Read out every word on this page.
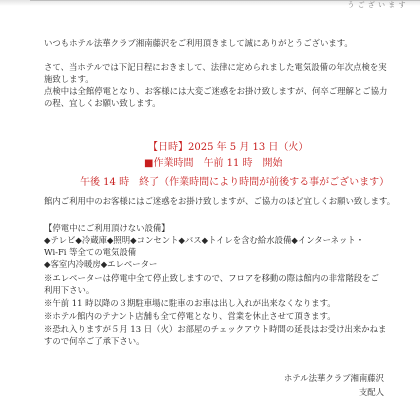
う ご ざ い ま す
いつもホテル法華クラブ湘南藤沢をご利用頂きまして誠にありがとうございます。
さて、当ホテルでは下記日程におきまして、法律に定められました電気設備の年次点検を実
施致します。
点検中は全館停電となり、お客様には大変ご迷惑をお掛け致しますが、何卒ご理解とご協力
の程、宜しくお願い致します。
【日時】2025 年 5 月 13 日（火）
■作業時間　午前 11 時　開始
午後 14 時　終了（作業時間により時間が前後する事がございます）
館内ご利用中のお客様にはご迷惑をお掛け致しますが、ご協力のほど宜しくお願い致します。
【停電中にご利用頂けない設備】
◆テレビ◆冷蔵庫◆照明◆コンセント◆バス◆トイレを含む給水設備◆インターネット・
Wi-Fi 等全ての電気設備
◆客室内冷暖房◆エレベーター
※エレベーターは停電中全て停止致しますので、フロアを移動の際は館内の非常階段をご
利用下さい。
※午前 11 時以降の３期駐車場に駐車のお車は出し入れが出来なくなります。
※ホテル館内のテナント店舗も全て停電となり、営業を休止させて頂きます。
※恐れ入りますが５月 13 日（火）お部屋のチェックアウト時間の延長はお受け出来かねま
すので何卒ご了承下さい。
ホテル法華クラブ湘南藤沢
支配人
